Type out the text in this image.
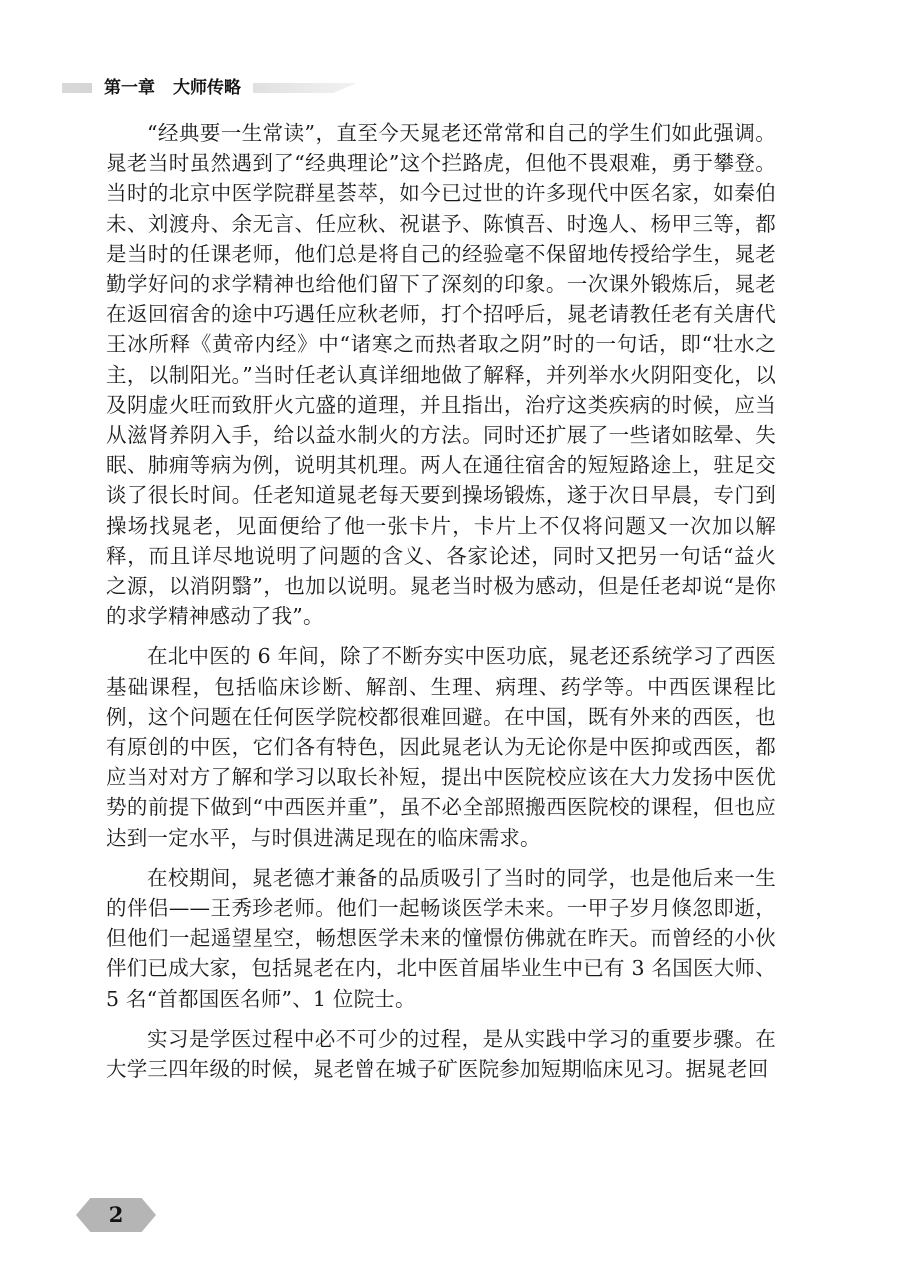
第一章 大师传略

“经典要一生常读”，直至今天晁老还常常和自己的学生们如此强调。晁老当时虽然遇到了“经典理论”这个拦路虎，但他不畏艰难，勇于攀登。当时的北京中医学院群星荟萃，如今已过世的许多现代中医名家，如秦伯未、刘渡舟、余无言、任应秋、祝谌予、陈慎吾、时逸人、杨甲三等，都是当时的任课老师，他们总是将自己的经验毫不保留地传授给学生，晁老勤学好问的求学精神也给他们留下了深刻的印象。一次课外锻炼后，晁老在返回宿舍的途中巧遇任应秋老师，打个招呼后，晁老请教任老有关唐代王冰所释《黄帝内经》中“诸寒之而热者取之阴”时的一句话，即“壮水之主，以制阳光。”当时任老认真详细地做了解释，并列举水火阴阳变化，以及阴虚火旺而致肝火亢盛的道理，并且指出，治疗这类疾病的时候，应当从滋肾养阴入手，给以益水制火的方法。同时还扩展了一些诸如眩晕、失眠、肺痈等病为例，说明其机理。两人在通往宿舍的短短路途上，驻足交谈了很长时间。任老知道晁老每天要到操场锻炼，遂于次日早晨，专门到操场找晁老，见面便给了他一张卡片，卡片上不仅将问题又一次加以解释，而且详尽地说明了问题的含义、各家论述，同时又把另一句话“益火之源，以消阴翳”，也加以说明。晁老当时极为感动，但是任老却说“是你的求学精神感动了我”。

在北中医的 6 年间，除了不断夯实中医功底，晁老还系统学习了西医基础课程，包括临床诊断、解剖、生理、病理、药学等。中西医课程比例，这个问题在任何医学院校都很难回避。在中国，既有外来的西医，也有原创的中医，它们各有特色，因此晁老认为无论你是中医抑或西医，都应当对对方了解和学习以取长补短，提出中医院校应该在大力发扬中医优势的前提下做到“中西医并重”，虽不必全部照搬西医院校的课程，但也应达到一定水平，与时俱进满足现在的临床需求。

在校期间，晁老德才兼备的品质吸引了当时的同学，也是他后来一生的伴侣——王秀珍老师。他们一起畅谈医学未来。一甲子岁月倏忽即逝，但他们一起遥望星空，畅想医学未来的憧憬仿佛就在昨天。而曾经的小伙伴们已成大家，包括晁老在内，北中医首届毕业生中已有 3 名国医大师、5 名“首都国医名师”、1 位院士。

实习是学医过程中必不可少的过程，是从实践中学习的重要步骤。在大学三四年级的时候，晁老曾在城子矿医院参加短期临床见习。据晁老回

2
